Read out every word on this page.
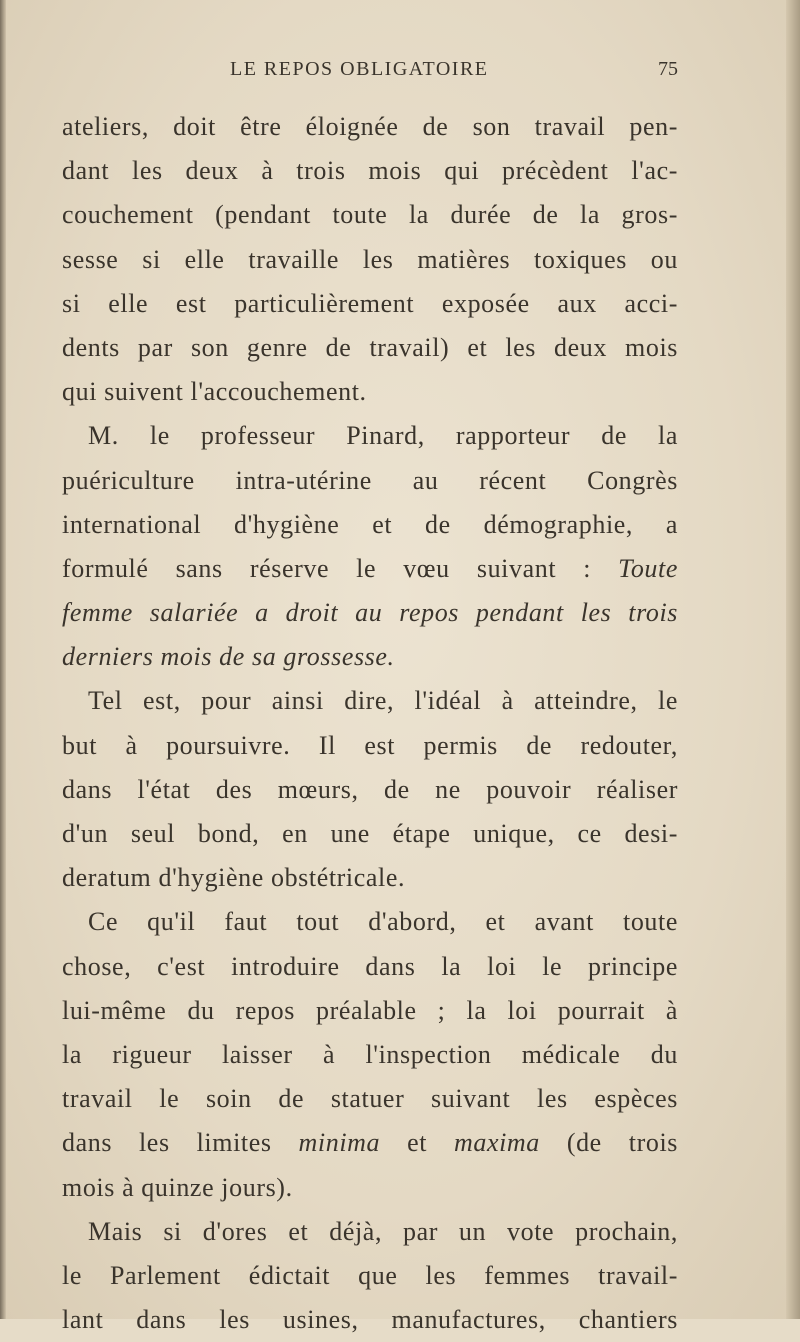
LE REPOS OBLIGATOIRE	75
ateliers, doit être éloignée de son travail pen-
dant les deux à trois mois qui précèdent l'ac-
couchement (pendant toute la durée de la gros-
sesse si elle travaille les matières toxiques ou
si elle est particulièrement exposée aux acci-
dents par son genre de travail) et les deux mois
qui suivent l'accouchement.
M. le professeur Pinard, rapporteur de la
puériculture intra-utérine au récent Congrès
international d'hygiène et de démographie, a
formulé sans réserve le vœu suivant : Toute
femme salariée a droit au repos pendant les trois
derniers mois de sa grossesse.
Tel est, pour ainsi dire, l'idéal à atteindre, le
but à poursuivre. Il est permis de redouter,
dans l'état des mœurs, de ne pouvoir réaliser
d'un seul bond, en une étape unique, ce desi-
deratum d'hygiène obstétricale.
Ce qu'il faut tout d'abord, et avant toute
chose, c'est introduire dans la loi le principe
lui-même du repos préalable ; la loi pourrait à
la rigueur laisser à l'inspection médicale du
travail le soin de statuer suivant les espèces
dans les limites minima et maxima (de trois
mois à quinze jours).
Mais si d'ores et déjà, par un vote prochain,
le Parlement édictait que les femmes travail-
lant dans les usines, manufactures, chantiers
